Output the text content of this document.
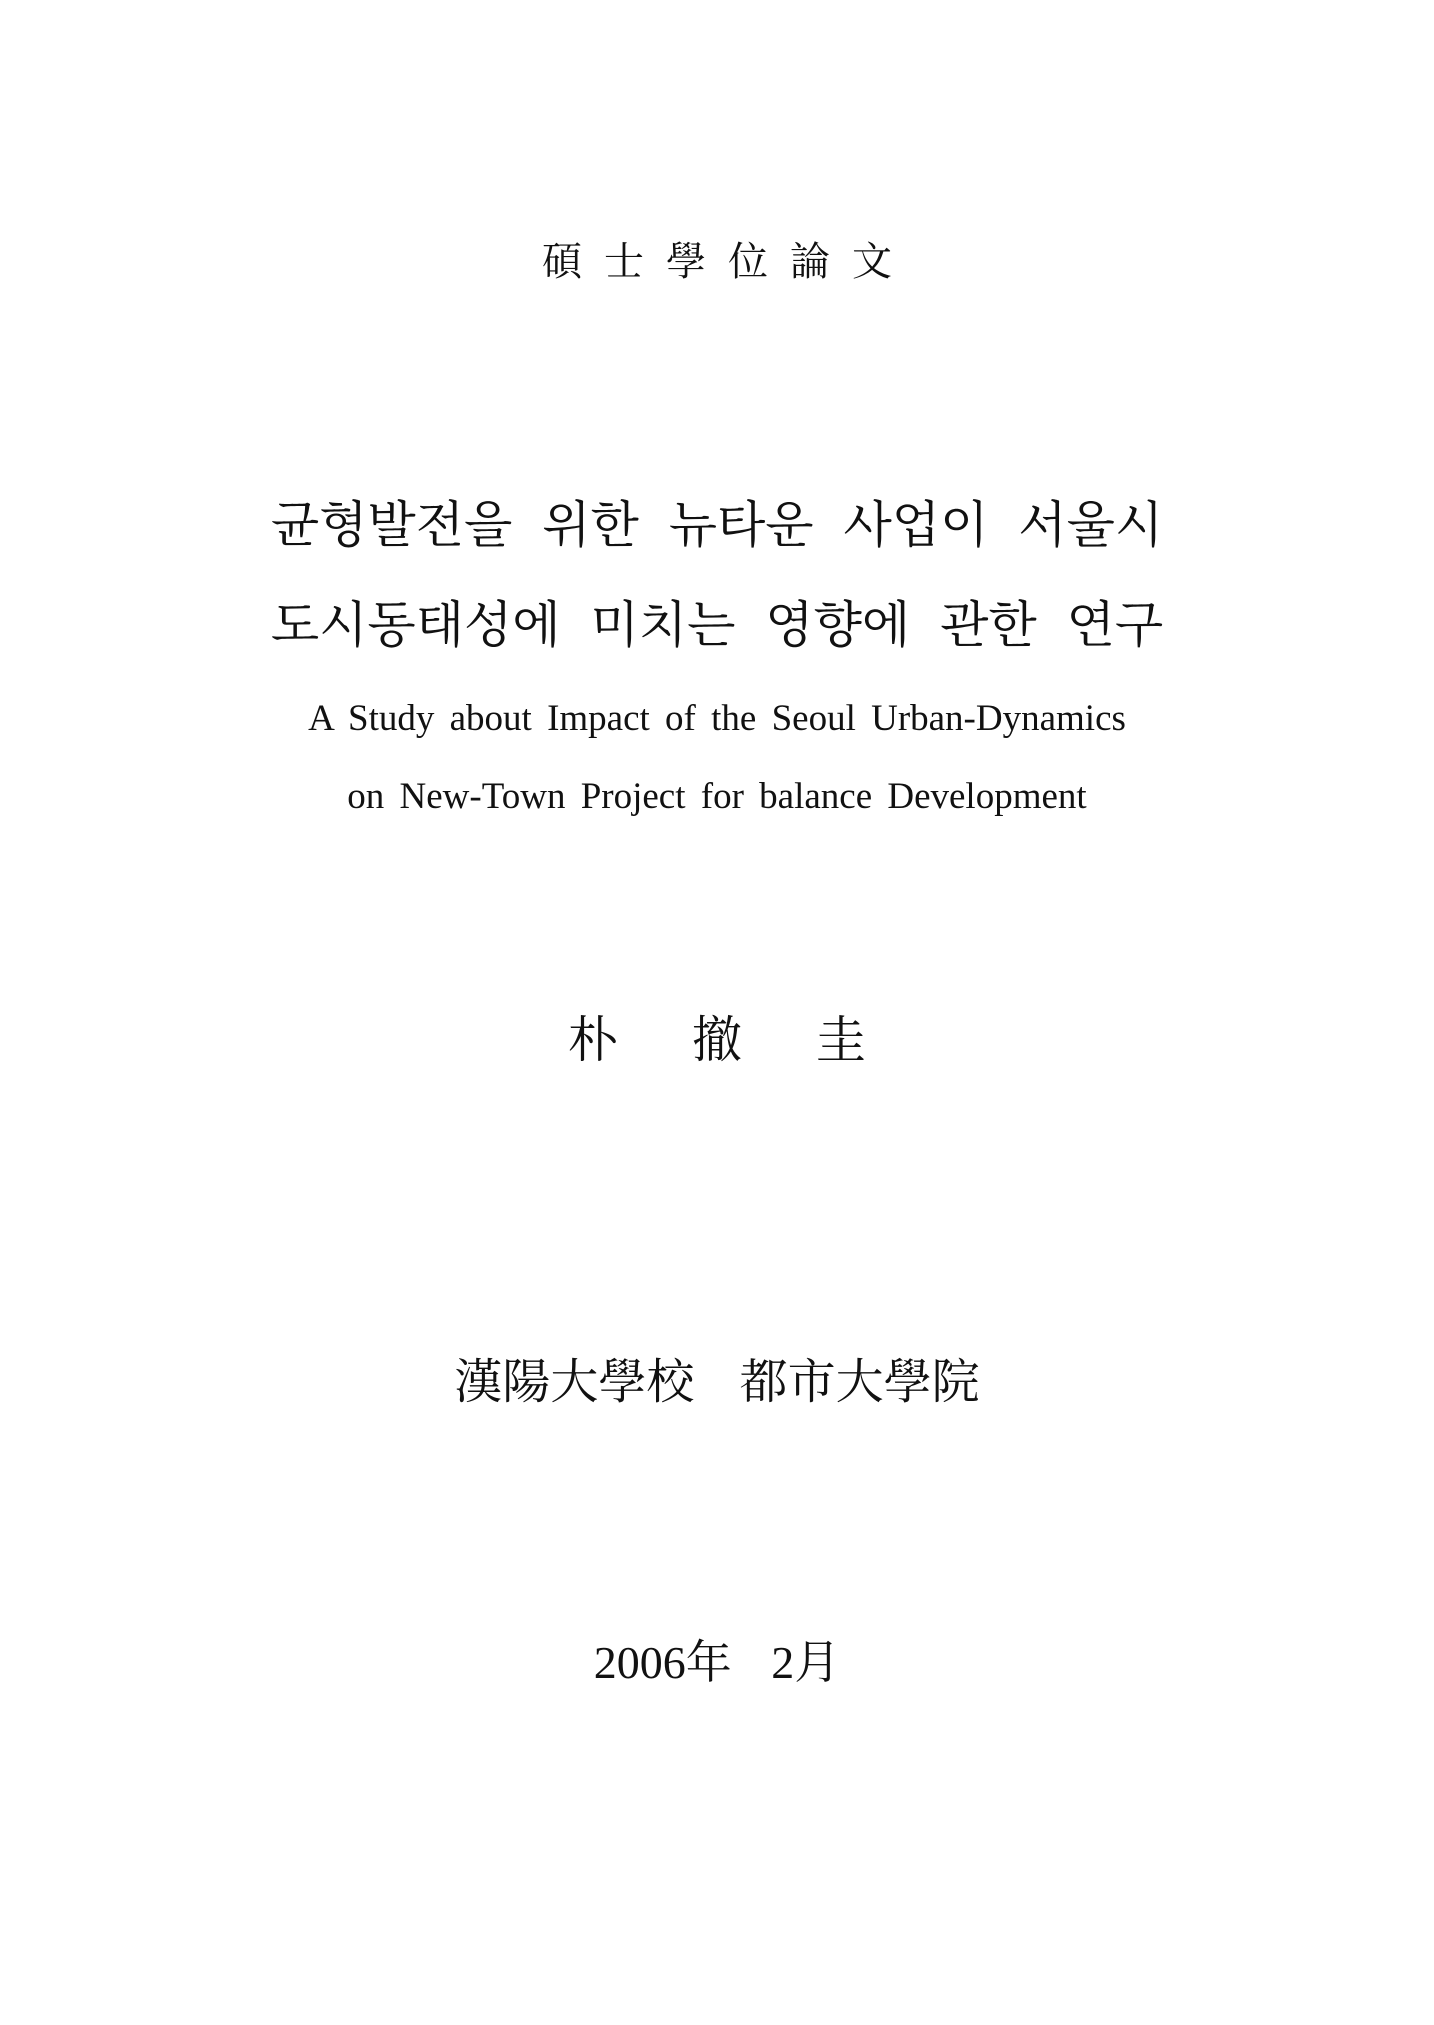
碩士學位論文
균형발전을 위한 뉴타운 사업이 서울시
도시동태성에 미치는 영향에 관한 연구
A Study about Impact of the Seoul Urban-Dynamics
on New-Town Project for balance Development
朴撤圭
漢陽大學校 都市大學院
2006年 2月
